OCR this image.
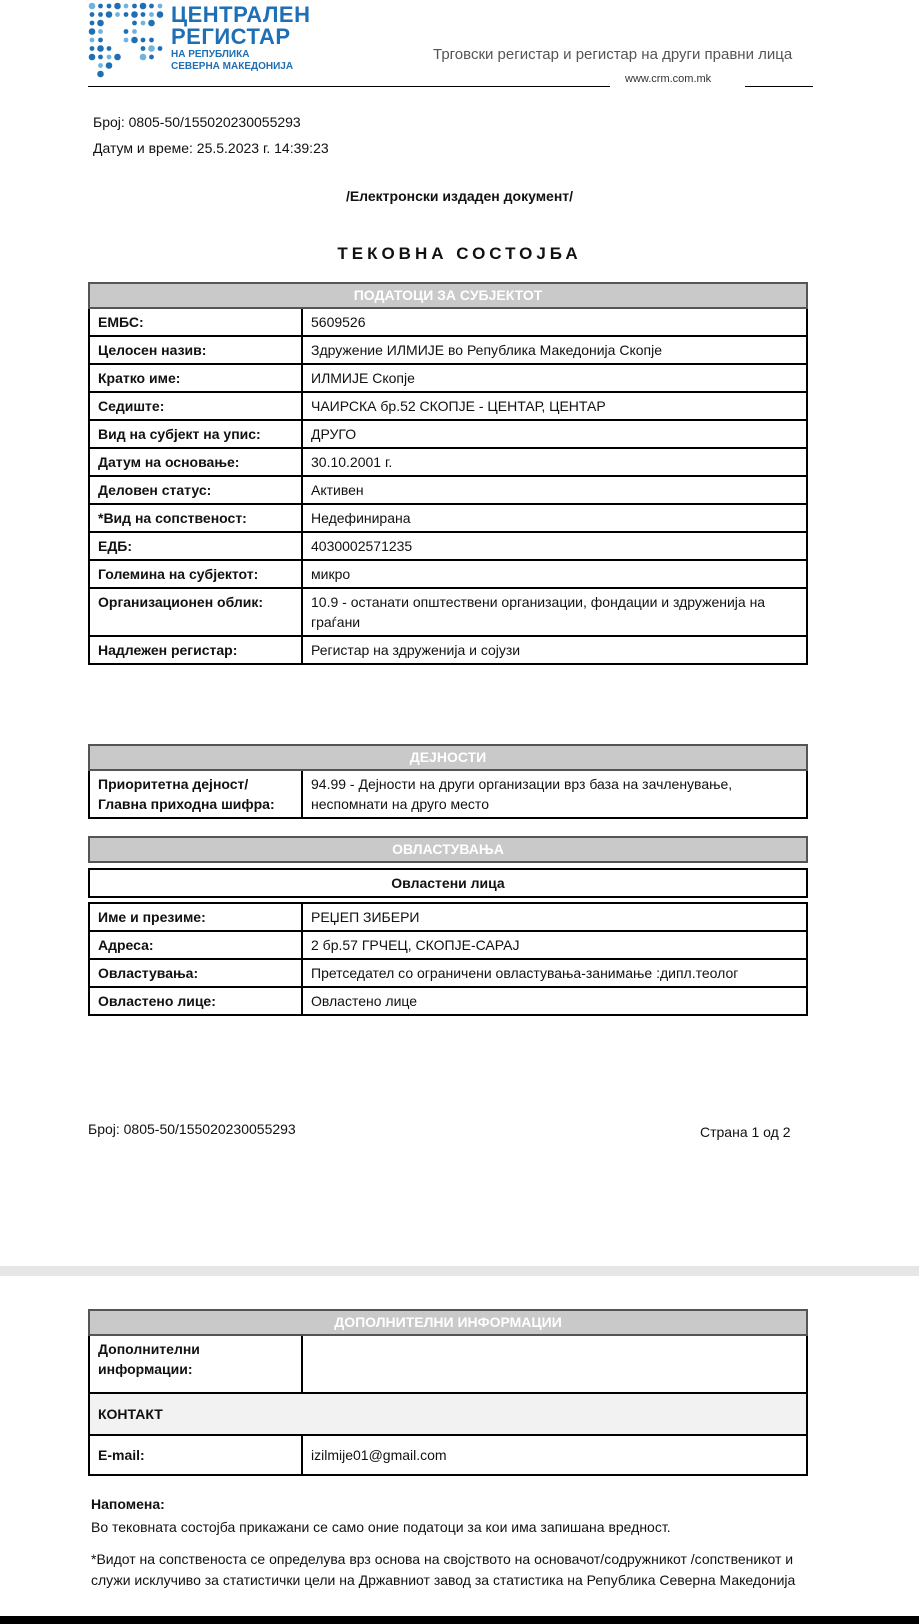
ЦЕНТРАЛЕН
РЕГИСТАР
НА РЕПУБЛИКА
СЕВЕРНА МАКЕДОНИЈА
Трговски регистар и регистар на други правни лица
www.crm.com.mk
Број: 0805-50/155020230055293
Датум и време: 25.5.2023 г. 14:39:23
/Електронски издаден документ/
ТЕКОВНА СОСТОЈБА
ПОДАТОЦИ ЗА СУБЈЕКТОТ	
ЕМБС:	5609526
Целосен назив:	Здружение ИЛМИЈЕ во Република Македонија Скопје
Кратко име:	ИЛМИЈЕ Скопје
Седиште:	ЧАИРСКА бр.52 СКОПЈЕ - ЦЕНТАР, ЦЕНТАР
Вид на субјект на упис:	ДРУГО
Датум на основање:	30.10.2001 г.
Деловен статус:	Активен
*Вид на сопственост:	Недефинирана
ЕДБ:	4030002571235
Големина на субјектот:	микро
Организационен облик:	10.9 - останати општествени организации, фондации и здруженија на граѓани
Надлежен регистар:	Регистар на здруженија и сојузи
ДЕЈНОСТИ

Приоритетна дејност/
Главна приходна шифра:
	94.99 - Дејности на други организации врз база на зачленување, неспомнати на друго место
ОВЛАСТУВАЊА
Овластени лица
Име и презиме:	РЕЏЕП ЗИБЕРИ
Адреса:	2 бр.57 ГРЧЕЦ, СКОПЈЕ-САРАЈ
Овластувања:	Претседател со ограничени овластувања-занимање :дипл.теолог
Овластено лице:	Овластено лице
Број: 0805-50/155020230055293	Страна 1 од 2
ДОПОЛНИТЕЛНИ ИНФОРМАЦИИ	

Дополнителни
информации:	

КОНТАКТ	
E-mail:	izilmije01@gmail.com
Напомена:
Во тековната состојба прикажани се само оние податоци за кои има запишана вредност.
*Видот на сопственоста се определува врз основа на својството на основачот/содружникот /сопственикот и служи исклучиво за статистички цели на Државниот завод за статистика на Република Северна Македонија
